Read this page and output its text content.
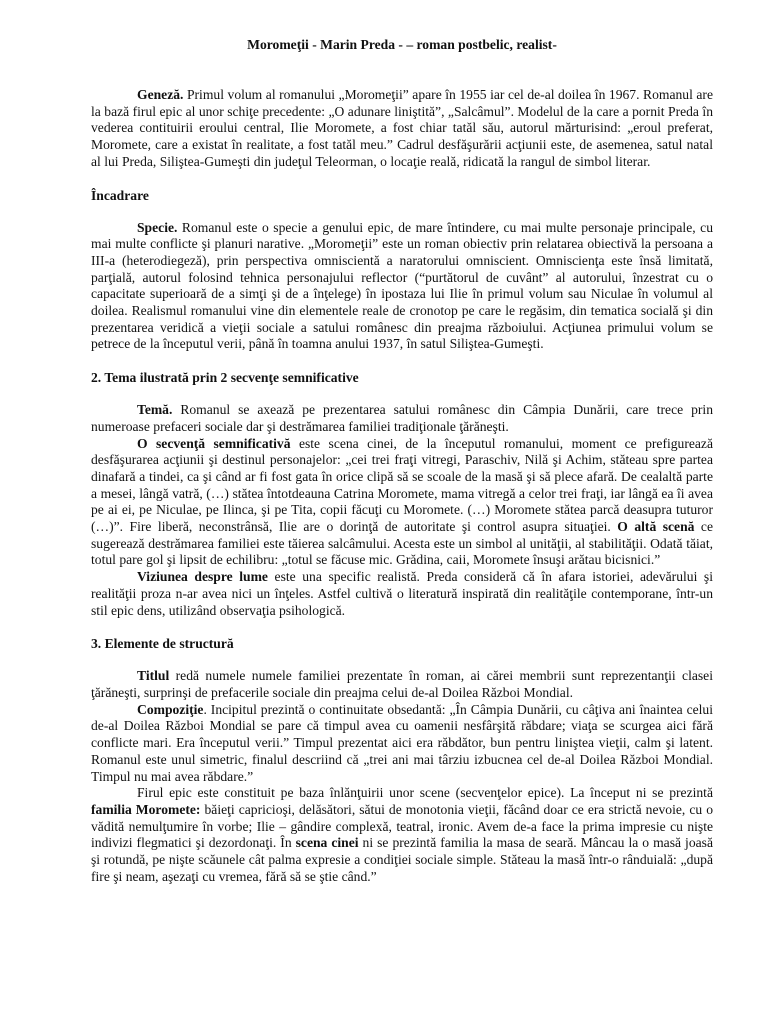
Moromeţii - Marin Preda - – roman postbelic, realist-

Geneză. Primul volum al romanului „Moromeţii” apare în 1955 iar cel de-al doilea în 1967. Romanul are la bază firul epic al unor schiţe precedente: „O adunare liniştită”, „Salcâmul”. Modelul de la care a pornit Preda în vederea contituirii eroului central, Ilie Moromete, a fost chiar tatăl său, autorul mărturisind: „eroul preferat, Moromete, care a existat în realitate, a fost tatăl meu.” Cadrul desfăşurării acţiunii este, de asemenea, satul natal al lui Preda, Siliştea-Gumeşti din judeţul Teleorman, o locaţie reală, ridicată la rangul de simbol literar.

Încadrare

Specie. Romanul este o specie a genului epic, de mare întindere, cu mai multe personaje principale, cu mai multe conflicte şi planuri narative. „Moromeţii” este un roman obiectiv prin relatarea obiectivă la persoana a III-a (heterodiegeză), prin perspectiva omniscientă a naratorului omniscient. Omniscienţa este însă limitată, parţială, autorul folosind tehnica personajului reflector (“purtătorul de cuvânt” al autorului, înzestrat cu o capacitate superioară de a simţi şi de a înţelege) în ipostaza lui Ilie în primul volum sau Niculae în volumul al doilea. Realismul romanului vine din elementele reale de cronotop pe care le regăsim, din tematica socială şi din prezentarea veridică a vieţii sociale a satului românesc din preajma războiului. Acţiunea primului volum se petrece de la începutul verii, până în toamna anului 1937, în satul Siliştea-Gumeşti.

2. Tema ilustrată prin 2 secvenţe semnificative

Temă. Romanul se axează pe prezentarea satului românesc din Câmpia Dunării, care trece prin numeroase prefaceri sociale dar şi destrămarea familiei tradiţionale ţărăneşti.

O secvenţă semnificativă este scena cinei, de la începutul romanului, moment ce prefigurează desfăşurarea acţiunii şi destinul personajelor: „cei trei fraţi vitregi, Paraschiv, Nilă şi Achim, stăteau spre partea dinafară a tindei, ca şi când ar fi fost gata în orice clipă să se scoale de la masă şi să plece afară. De cealaltă parte a mesei, lângă vatră, (…) stătea întotdeauna Catrina Moromete, mama vitregă a celor trei fraţi, iar lângă ea îi avea pe ai ei, pe Niculae, pe Ilinca, şi pe Tita, copii făcuţi cu Moromete. (…) Moromete stătea parcă deasupra tuturor (…)”. Fire liberă, neconstrânsă, Ilie are o dorinţă de autoritate şi control asupra situaţiei. O altă scenă ce sugerează destrămarea familiei este tăierea salcâmului. Acesta este un simbol al unităţii, al stabilităţii. Odată tăiat, totul pare gol şi lipsit de echilibru: „totul se făcuse mic. Grădina, caii, Moromete însuşi arătau bicisnici.”

Viziunea despre lume este una specific realistă. Preda consideră că în afara istoriei, adevărului şi realităţii proza n-ar avea nici un înţeles. Astfel cultivă o literatură inspirată din realităţile contemporane, într-un stil epic dens, utilizând observaţia psihologică.

3. Elemente de structură

Titlul redă numele numele familiei prezentate în roman, ai cărei membrii sunt reprezentanţii clasei ţărăneşti, surprinşi de prefacerile sociale din preajma celui de-al Doilea Război Mondial.

Compoziţie. Incipitul prezintă o continuitate obsedantă: „În Câmpia Dunării, cu câţiva ani înaintea celui de-al Doilea Război Mondial se pare că timpul avea cu oamenii nesfârşită răbdare; viaţa se scurgea aici fără conflicte mari. Era începutul verii.” Timpul prezentat aici era răbdător, bun pentru liniştea vieţii, calm şi latent. Romanul este unul simetric, finalul descriind că „trei ani mai târziu izbucnea cel de-al Doilea Război Mondial. Timpul nu mai avea răbdare.”

Firul epic este constituit pe baza înlănţuirii unor scene (secvenţelor epice). La început ni se prezintă familia Moromete: băieţi capricioşi, delăsători, sătui de monotonia vieţii, făcând doar ce era strictă nevoie, cu o vădită nemulţumire în vorbe; Ilie – gândire complexă, teatral, ironic. Avem de-a face la prima impresie cu nişte indivizi flegmatici şi dezordonaţi. În scena cinei ni se prezintă familia la masa de seară. Mâncau la o masă joasă şi rotundă, pe nişte scăunele cât palma expresie a condiţiei sociale simple. Stăteau la masă într-o rânduială: „după fire şi neam, aşezaţi cu vremea, fără să se ştie când.”
